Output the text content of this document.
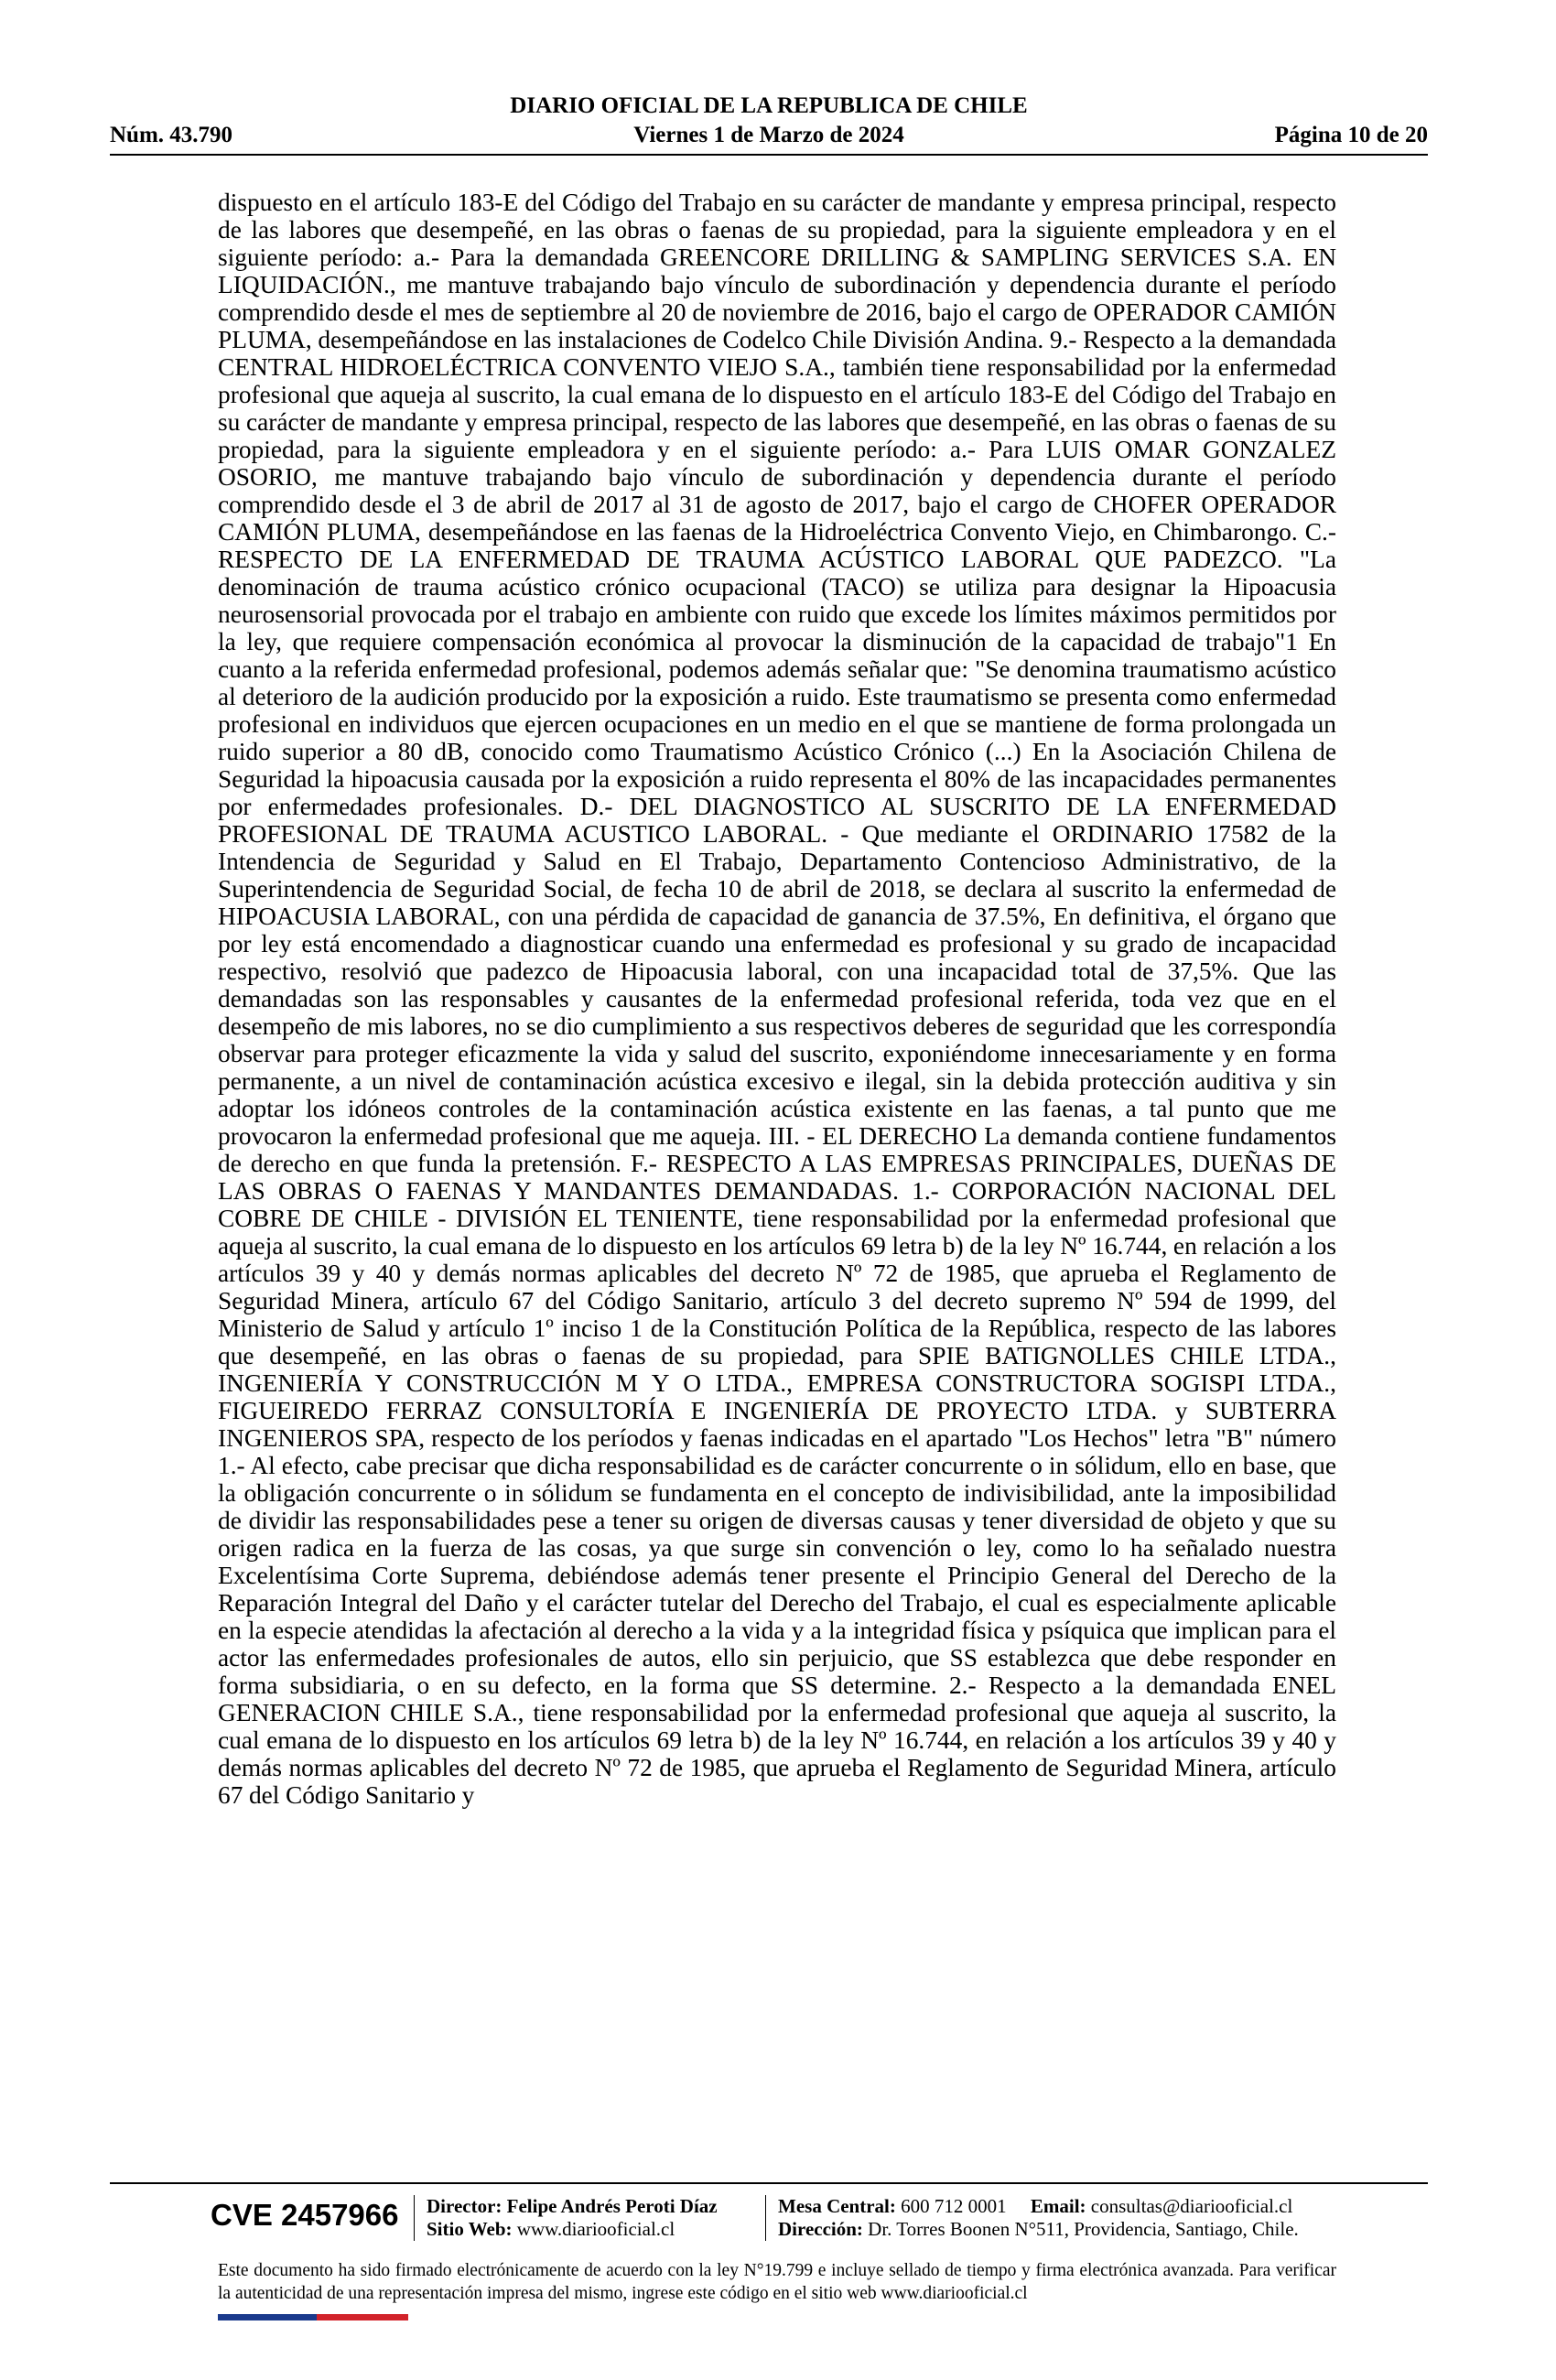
DIARIO OFICIAL DE LA REPUBLICA DE CHILE
Núm. 43.790	Viernes 1 de Marzo de 2024	Página 10 de 20

dispuesto en el artículo 183-E del Código del Trabajo en su carácter de mandante y empresa principal, respecto de las labores que desempeñé, en las obras o faenas de su propiedad, para la siguiente empleadora y en el siguiente período: a.- Para la demandada GREENCORE DRILLING & SAMPLING SERVICES S.A. EN LIQUIDACIÓN., me mantuve trabajando bajo vínculo de subordinación y dependencia durante el período comprendido desde el mes de septiembre al 20 de noviembre de 2016, bajo el cargo de OPERADOR CAMIÓN PLUMA, desempeñándose en las instalaciones de Codelco Chile División Andina. 9.- Respecto a la demandada CENTRAL HIDROELÉCTRICA CONVENTO VIEJO S.A., también tiene responsabilidad por la enfermedad profesional que aqueja al suscrito, la cual emana de lo dispuesto en el artículo 183-E del Código del Trabajo en su carácter de mandante y empresa principal, respecto de las labores que desempeñé, en las obras o faenas de su propiedad, para la siguiente empleadora y en el siguiente período: a.- Para LUIS OMAR GONZALEZ OSORIO, me mantuve trabajando bajo vínculo de subordinación y dependencia durante el período comprendido desde el 3 de abril de 2017 al 31 de agosto de 2017, bajo el cargo de CHOFER OPERADOR CAMIÓN PLUMA, desempeñándose en las faenas de la Hidroeléctrica Convento Viejo, en Chimbarongo. C.- RESPECTO DE LA ENFERMEDAD DE TRAUMA ACÚSTICO LABORAL QUE PADEZCO. "La denominación de trauma acústico crónico ocupacional (TACO) se utiliza para designar la Hipoacusia neurosensorial provocada por el trabajo en ambiente con ruido que excede los límites máximos permitidos por la ley, que requiere compensación económica al provocar la disminución de la capacidad de trabajo"1 En cuanto a la referida enfermedad profesional, podemos además señalar que: "Se denomina traumatismo acústico al deterioro de la audición producido por la exposición a ruido. Este traumatismo se presenta como enfermedad profesional en individuos que ejercen ocupaciones en un medio en el que se mantiene de forma prolongada un ruido superior a 80 dB, conocido como Traumatismo Acústico Crónico (...) En la Asociación Chilena de Seguridad la hipoacusia causada por la exposición a ruido representa el 80% de las incapacidades permanentes por enfermedades profesionales. D.- DEL DIAGNOSTICO AL SUSCRITO DE LA ENFERMEDAD PROFESIONAL DE TRAUMA ACUSTICO LABORAL. - Que mediante el ORDINARIO 17582 de la Intendencia de Seguridad y Salud en El Trabajo, Departamento Contencioso Administrativo, de la Superintendencia de Seguridad Social, de fecha 10 de abril de 2018, se declara al suscrito la enfermedad de HIPOACUSIA LABORAL, con una pérdida de capacidad de ganancia de 37.5%, En definitiva, el órgano que por ley está encomendado a diagnosticar cuando una enfermedad es profesional y su grado de incapacidad respectivo, resolvió que padezco de Hipoacusia laboral, con una incapacidad total de 37,5%. Que las demandadas son las responsables y causantes de la enfermedad profesional referida, toda vez que en el desempeño de mis labores, no se dio cumplimiento a sus respectivos deberes de seguridad que les correspondía observar para proteger eficazmente la vida y salud del suscrito, exponiéndome innecesariamente y en forma permanente, a un nivel de contaminación acústica excesivo e ilegal, sin la debida protección auditiva y sin adoptar los idóneos controles de la contaminación acústica existente en las faenas, a tal punto que me provocaron la enfermedad profesional que me aqueja. III. - EL DERECHO La demanda contiene fundamentos de derecho en que funda la pretensión. F.- RESPECTO A LAS EMPRESAS PRINCIPALES, DUEÑAS DE LAS OBRAS O FAENAS Y MANDANTES DEMANDADAS. 1.- CORPORACIÓN NACIONAL DEL COBRE DE CHILE - DIVISIÓN EL TENIENTE, tiene responsabilidad por la enfermedad profesional que aqueja al suscrito, la cual emana de lo dispuesto en los artículos 69 letra b) de la ley Nº 16.744, en relación a los artículos 39 y 40 y demás normas aplicables del decreto Nº 72 de 1985, que aprueba el Reglamento de Seguridad Minera, artículo 67 del Código Sanitario, artículo 3 del decreto supremo Nº 594 de 1999, del Ministerio de Salud y artículo 1º inciso 1 de la Constitución Política de la República, respecto de las labores que desempeñé, en las obras o faenas de su propiedad, para SPIE BATIGNOLLES CHILE LTDA., INGENIERÍA Y CONSTRUCCIÓN M Y O LTDA., EMPRESA CONSTRUCTORA SOGISPI LTDA., FIGUEIREDO FERRAZ CONSULTORÍA E INGENIERÍA DE PROYECTO LTDA. y SUBTERRA INGENIEROS SPA, respecto de los períodos y faenas indicadas en el apartado "Los Hechos" letra "B" número 1.- Al efecto, cabe precisar que dicha responsabilidad es de carácter concurrente o in sólidum, ello en base, que la obligación concurrente o in sólidum se fundamenta en el concepto de indivisibilidad, ante la imposibilidad de dividir las responsabilidades pese a tener su origen de diversas causas y tener diversidad de objeto y que su origen radica en la fuerza de las cosas, ya que surge sin convención o ley, como lo ha señalado nuestra Excelentísima Corte Suprema, debiéndose además tener presente el Principio General del Derecho de la Reparación Integral del Daño y el carácter tutelar del Derecho del Trabajo, el cual es especialmente aplicable en la especie atendidas la afectación al derecho a la vida y a la integridad física y psíquica que implican para el actor las enfermedades profesionales de autos, ello sin perjuicio, que SS establezca que debe responder en forma subsidiaria, o en su defecto, en la forma que SS determine. 2.- Respecto a la demandada ENEL GENERACION CHILE S.A., tiene responsabilidad por la enfermedad profesional que aqueja al suscrito, la cual emana de lo dispuesto en los artículos 69 letra b) de la ley Nº 16.744, en relación a los artículos 39 y 40 y demás normas aplicables del decreto Nº 72 de 1985, que aprueba el Reglamento de Seguridad Minera, artículo 67 del Código Sanitario y

CVE 2457966 Director: Felipe Andrés Peroti Díaz
Sitio Web: www.diariooficial.cl
Mesa Central: 600 712 0001 Email: consultas@diariooficial.cl
Dirección: Dr. Torres Boonen N°511, Providencia, Santiago, Chile.

Este documento ha sido firmado electrónicamente de acuerdo con la ley N°19.799 e incluye sellado de tiempo y firma electrónica avanzada. Para verificar la autenticidad de una representación impresa del mismo, ingrese este código en el sitio web www.diariooficial.cl
